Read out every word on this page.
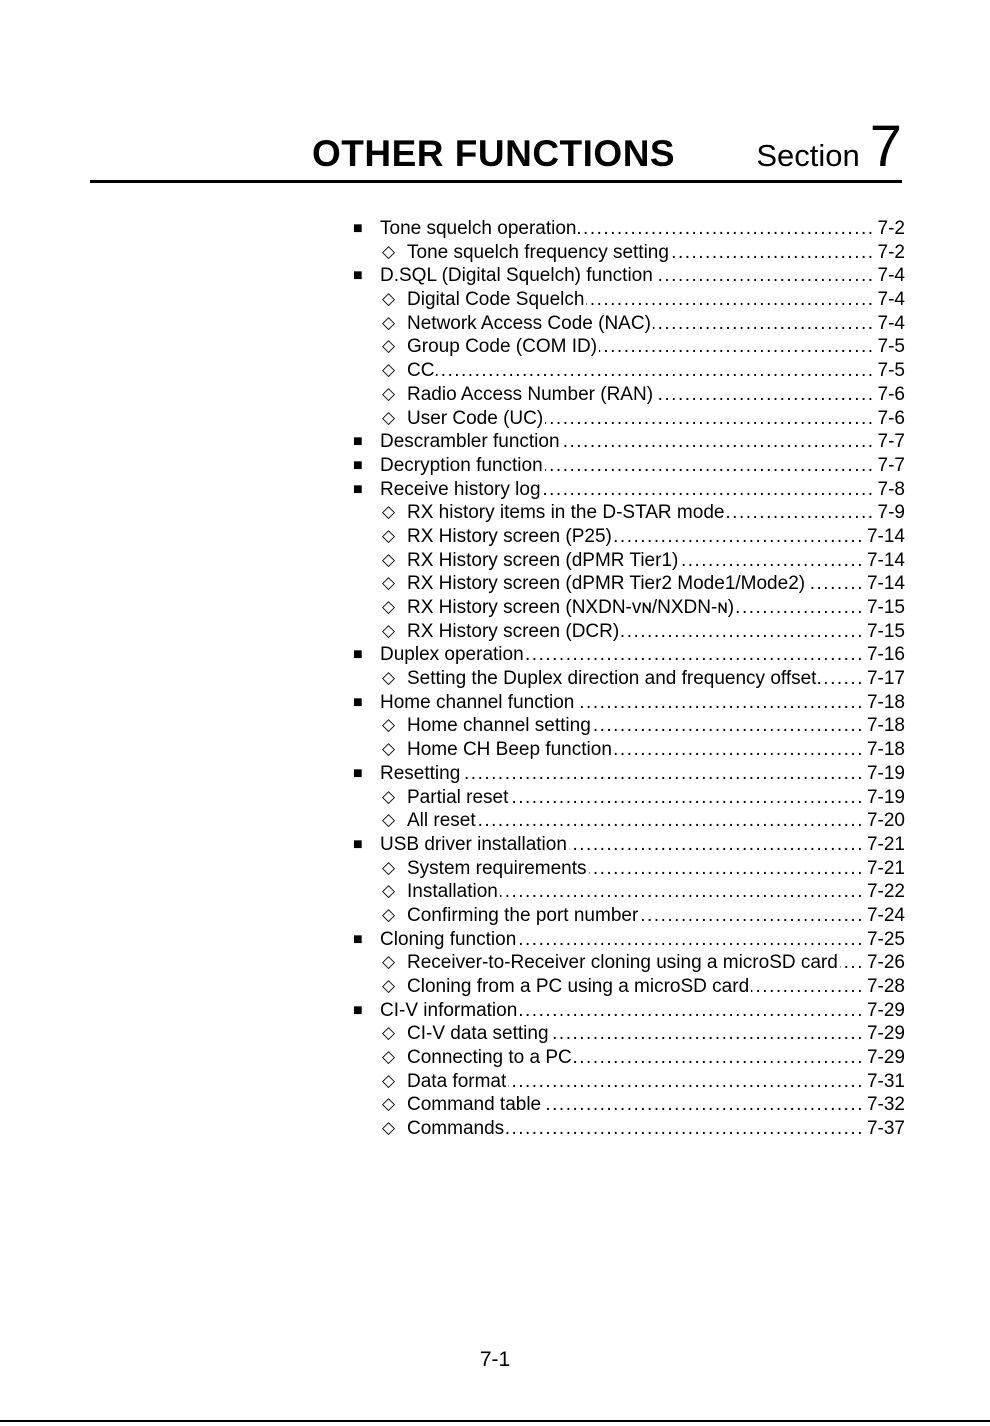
OTHER FUNCTIONS	Section 7
■ Tone squelch operation .....	7-2
◇ Tone squelch frequency setting .....	7-2
■ D.SQL (Digital Squelch) function .....	7-4
◇ Digital Code Squelch .....	7-4
◇ Network Access Code (NAC) .....	7-4
◇ Group Code (COM ID) .....	7-5
◇ CC .....	7-5
◇ Radio Access Number (RAN) .....	7-6
◇ User Code (UC) .....	7-6
■ Descrambler function .....	7-7
■ Decryption function .....	7-7
■ Receive history log .....	7-8
◇ RX history items in the D-STAR mode .....	7-9
◇ RX History screen (P25) .....	7-14
◇ RX History screen (dPMR Tier1) .....	7-14
◇ RX History screen (dPMR Tier2 Mode1/Mode2) .....	7-14
◇ RX History screen (NXDN-ᴠɴ/NXDN-ɴ) .....	7-15
◇ RX History screen (DCR) .....	7-15
■ Duplex operation .....	7-16
◇ Setting the Duplex direction and frequency offset .....	7-17
■ Home channel function .....	7-18
◇ Home channel setting .....	7-18
◇ Home CH Beep function .....	7-18
■ Resetting .....	7-19
◇ Partial reset .....	7-19
◇ All reset .....	7-20
■ USB driver installation .....	7-21
◇ System requirements .....	7-21
◇ Installation .....	7-22
◇ Confirming the port number .....	7-24
■ Cloning function .....	7-25
◇ Receiver-to-Receiver cloning using a microSD card ..... 7-26
◇ Cloning from a PC using a microSD card .....	7-28
■ CI-V information .....	7-29
◇ CI-V data setting .....	7-29
◇ Connecting to a PC .....	7-29
◇ Data format .....	7-31
◇ Command table .....	7-32
◇ Commands .....	7-37
7-1
